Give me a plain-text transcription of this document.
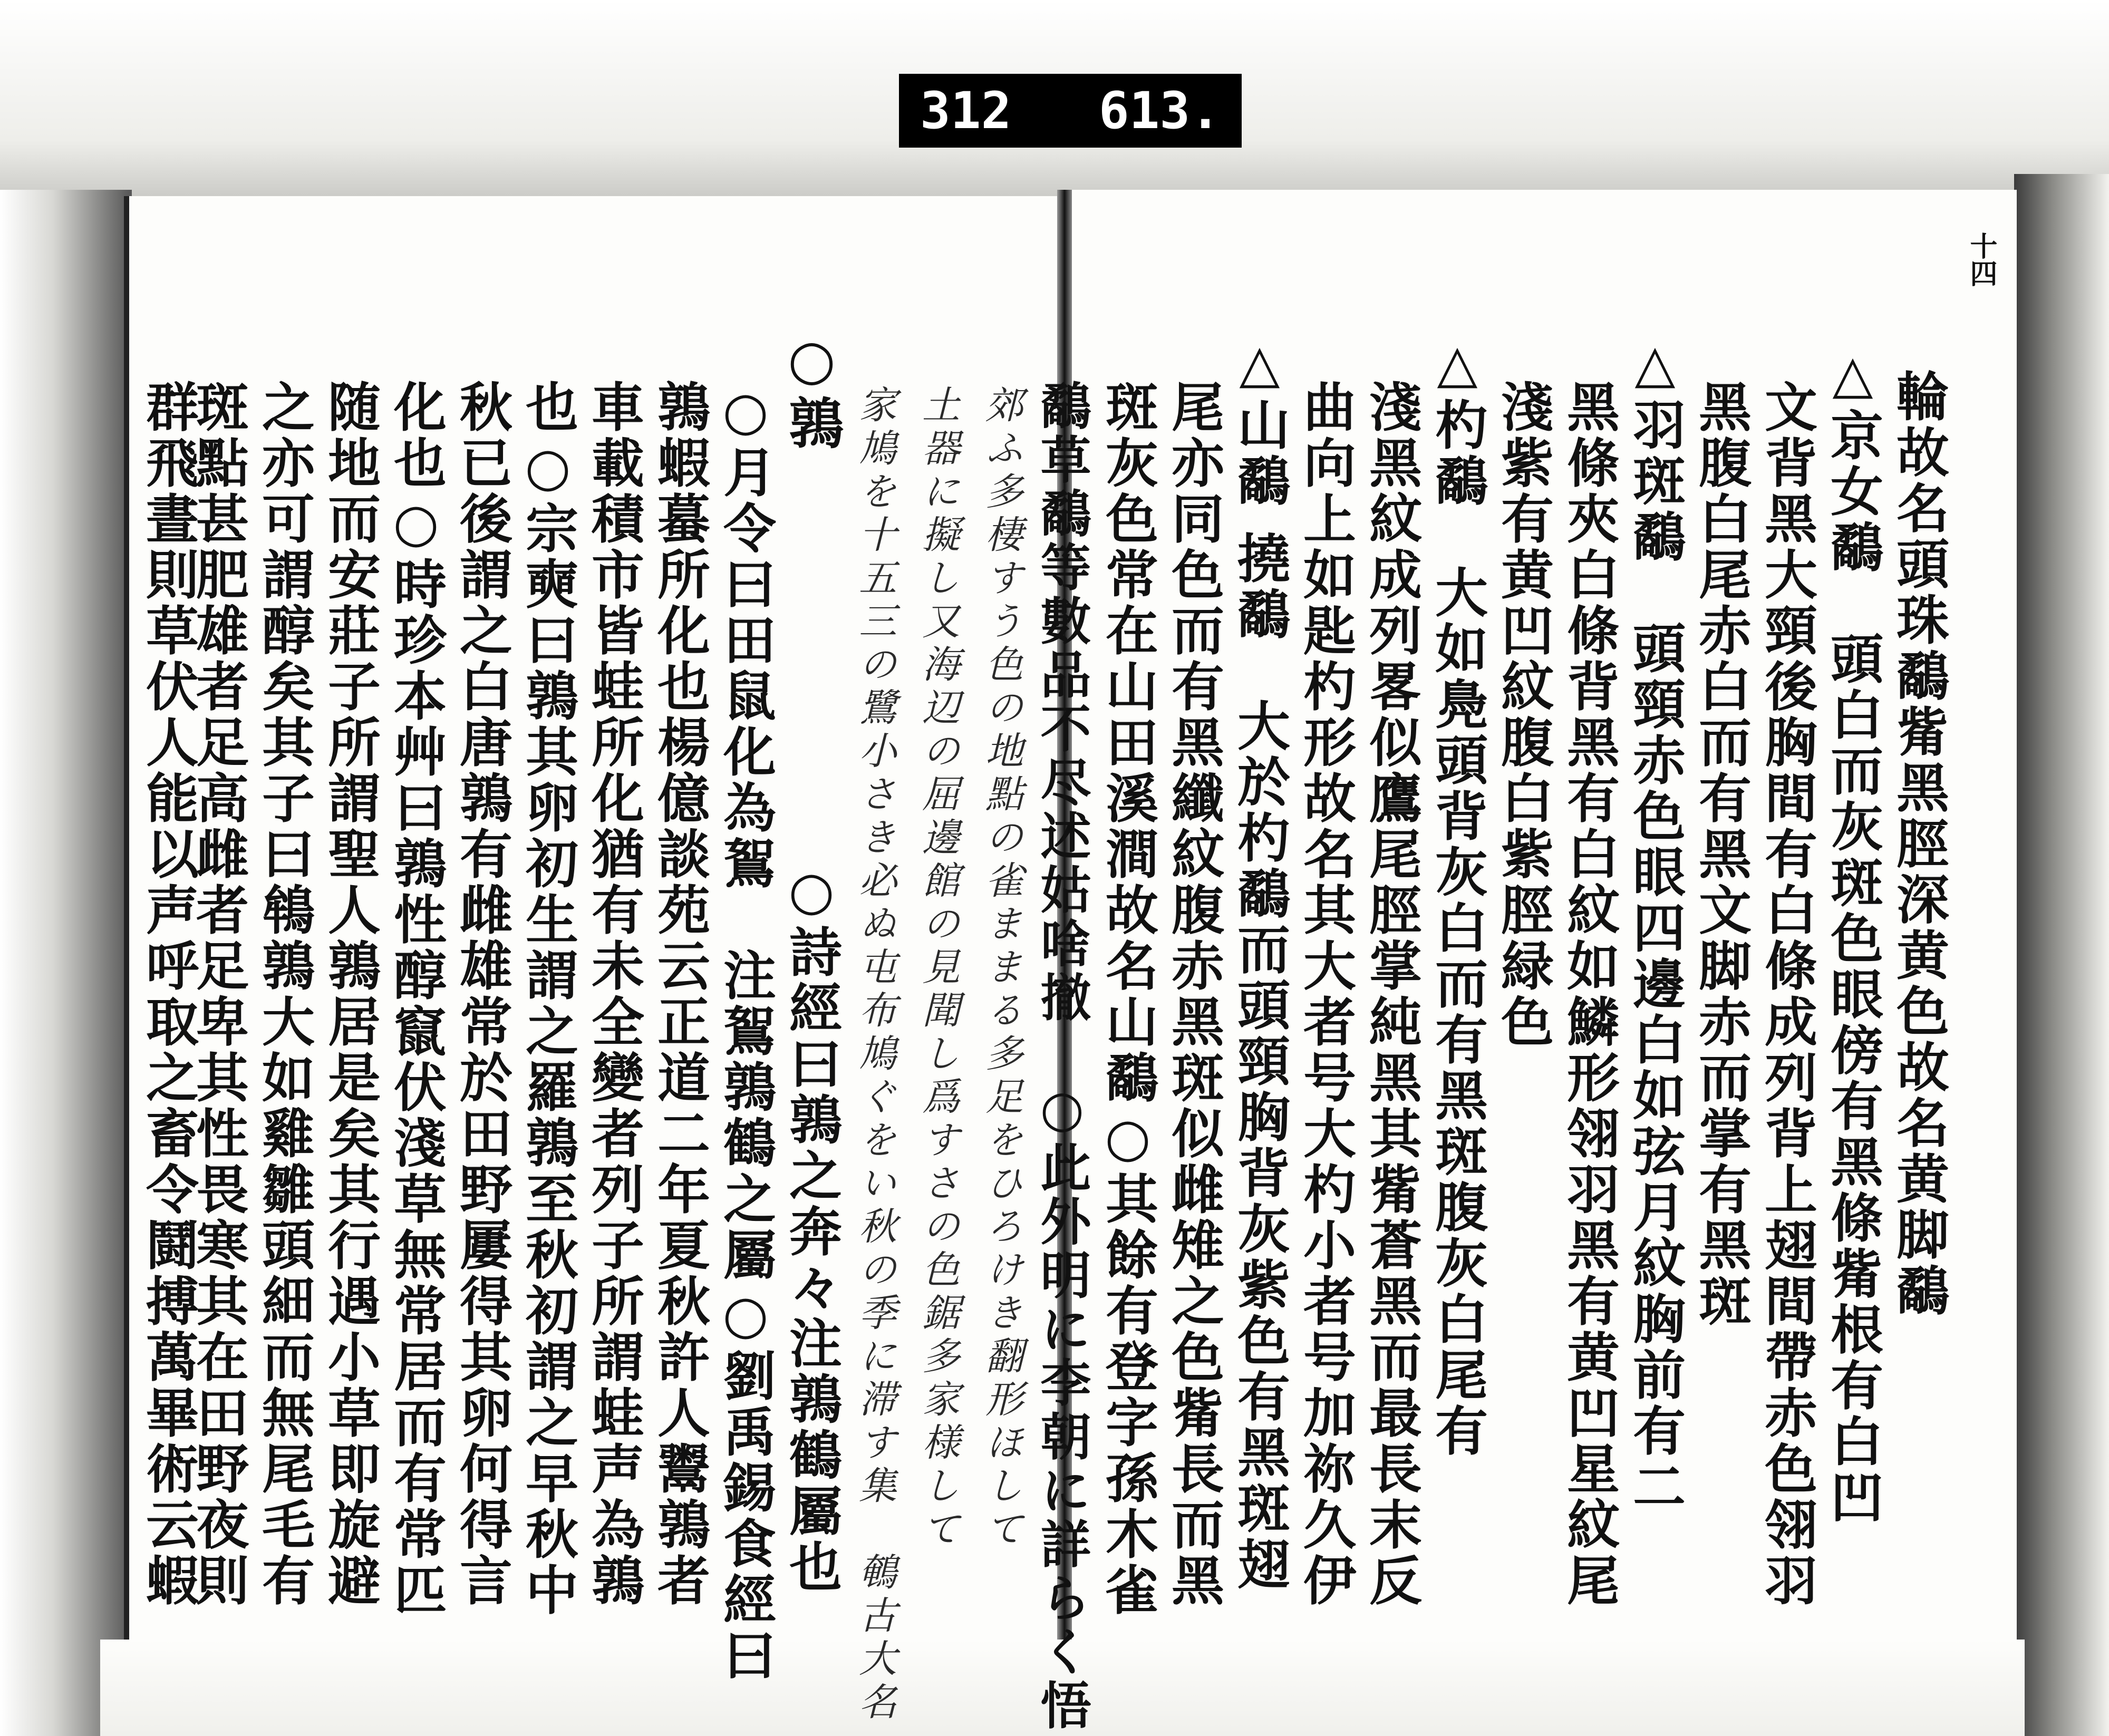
312 613.
十四
輪故名頭珠鷸觜黑脛深黄色故名黄脚鷸
△京女鷸　頭白而灰斑色眼傍有黑條觜根有白凹
文背黑大頸後胸間有白條成列背上翅間帶赤色翎羽
黑腹白尾赤白而有黑文脚赤而掌有黑斑
△羽斑鷸　頭頸赤色眼四邊白如弦月紋胸前有二
黑條夾白條背黑有白紋如鱗形翎羽黑有黄凹星紋尾
淺紫有黄凹紋腹白紫脛緑色
△杓鷸　大如鳧頭背灰白而有黑斑腹灰白尾有
淺黑紋成列畧似鷹尾脛掌純黑其觜蒼黑而最長末反
曲向上如匙杓形故名其大者号大杓小者号加祢久伊
△山鷸 撓鷸　大於杓鷸而頭頸胸背灰紫色有黑斑翅
尾亦同色而有黑纖紋腹赤黑斑似雌雉之色觜長而黑
斑灰色常在山田溪澗故名山鷸○其餘有登字孫木雀
鷸草鷸等數品不尽述姑啥撤　○此外明に李朝に詳らく悟
郊ふ多棲すう色の地點の雀ままる多足をひろけき翻形ほして
土器に擬し又海辺の屈邊館の見聞し爲すさの色鋸多家様して
家鳩を十五三の鷺小さき必ぬ屯布鳩ぐをい秋の季に滞す集　鵪古大名
○詩經曰鶉之奔々注鶉鶴屬也
○鶉
○月令曰田鼠化為鴽　注鴽鶉鶴之屬○劉禹錫食經曰
鶉蝦蟇所化也楊億談苑云正道二年夏秋許人鬻鶉者
車載積市皆蛙所化猶有未全變者列子所謂蛙声為鶉
也○宗奭曰鶉其卵初生謂之羅鶉至秋初謂之早秋中
秋已後謂之白唐鶉有雌雄常於田野屢得其卵何得言
化也○時珍本艸曰鶉性醇竄伏淺草無常居而有常匹
随地而安莊子所謂聖人鶉居是矣其行遇小草即旋避
之亦可謂醇矣其子曰鴾鶉大如雞雛頭細而無尾毛有
斑點甚肥雄者足高雌者足卑其性畏寒其在田野夜則
群飛晝則草伏人能以声呼取之畜令鬪搏萬畢術云蝦
